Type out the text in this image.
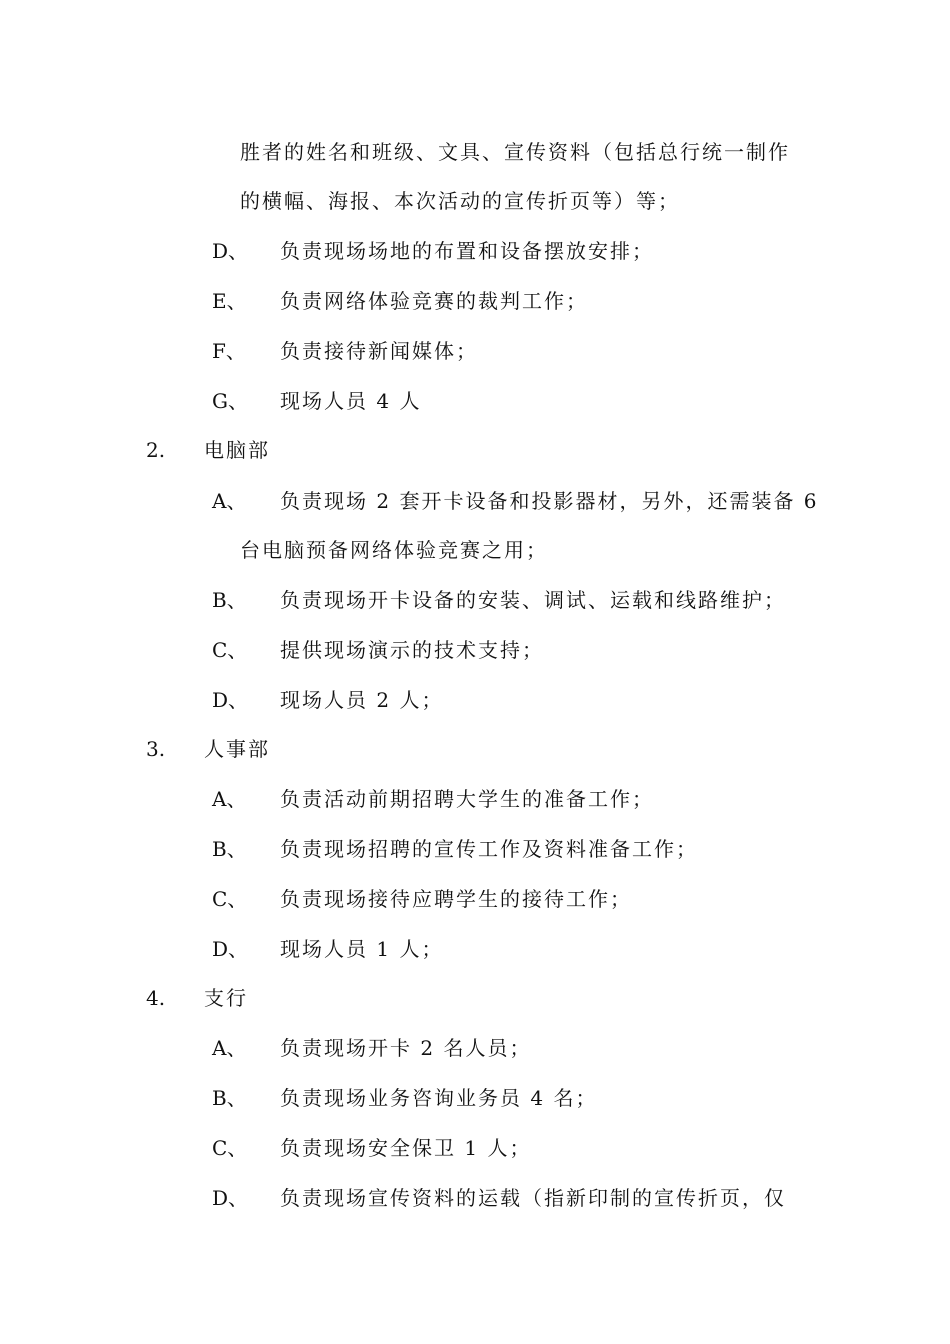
胜者的姓名和班级、文具、宣传资料（包括总行统一制作
的横幅、海报、本次活动的宣传折页等）等；
D、 负责现场场地的布置和设备摆放安排；
E、 负责网络体验竞赛的裁判工作；
F、 负责接待新闻媒体；
G、 现场人员 4 人
2. 电脑部
A、 负责现场 2 套开卡设备和投影器材，另外，还需装备 6
台电脑预备网络体验竞赛之用；
B、 负责现场开卡设备的安装、调试、运载和线路维护；
C、 提供现场演示的技术支持；
D、 现场人员 2 人；
3. 人事部
A、 负责活动前期招聘大学生的准备工作；
B、 负责现场招聘的宣传工作及资料准备工作；
C、 负责现场接待应聘学生的接待工作；
D、 现场人员 1 人；
4. 支行
A、 负责现场开卡 2 名人员；
B、 负责现场业务咨询业务员 4 名；
C、 负责现场安全保卫 1 人；
D、 负责现场宣传资料的运载（指新印制的宣传折页，仅
